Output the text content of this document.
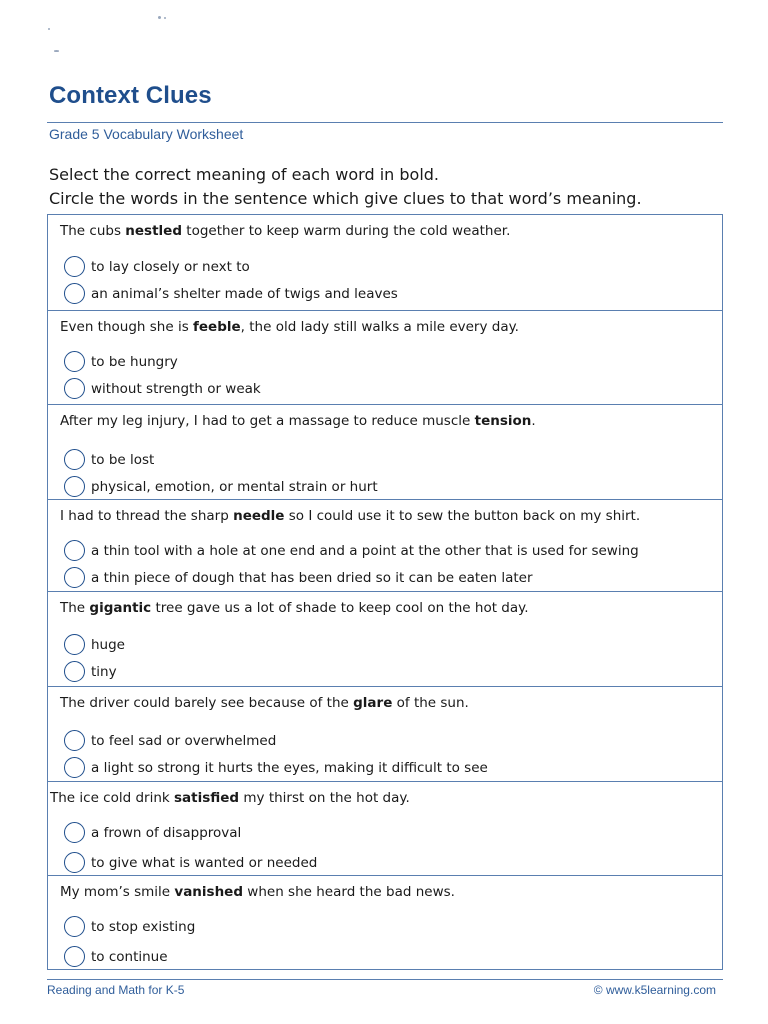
Context Clues
Grade 5 Vocabulary Worksheet
Select the correct meaning of each word in bold.
Circle the words in the sentence which give clues to that word’s meaning.
The cubs nestled together to keep warm during the cold weather.
to lay closely or next to
an animal’s shelter made of twigs and leaves
Even though she is feeble, the old lady still walks a mile every day.
to be hungry
without strength or weak
After my leg injury, I had to get a massage to reduce muscle tension.
to be lost
physical, emotion, or mental strain or hurt
I had to thread the sharp needle so I could use it to sew the button back on my shirt.
a thin tool with a hole at one end and a point at the other that is used for sewing
a thin piece of dough that has been dried so it can be eaten later
The gigantic tree gave us a lot of shade to keep cool on the hot day.
huge
tiny
The driver could barely see because of the glare of the sun.
to feel sad or overwhelmed
a light so strong it hurts the eyes, making it difficult to see
The ice cold drink satisfied my thirst on the hot day.
a frown of disapproval
to give what is wanted or needed
My mom’s smile vanished when she heard the bad news.
to stop existing
to continue
Reading and Math for K-5	© www.k5learning.com
